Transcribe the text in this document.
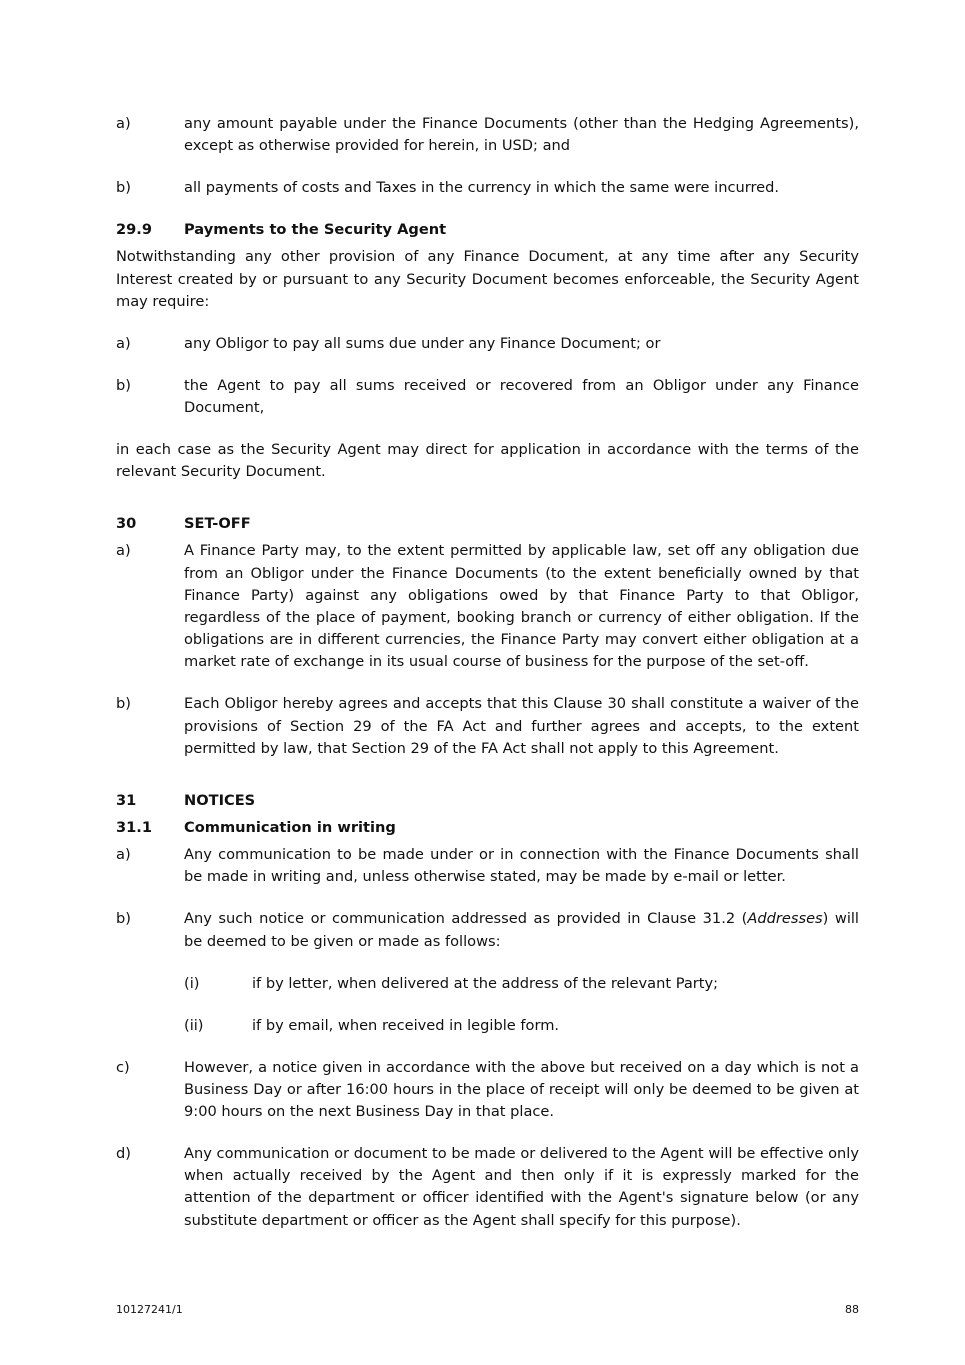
a)	any amount payable under the Finance Documents (other than the Hedging Agreements), except as otherwise provided for herein, in USD; and
b)	all payments of costs and Taxes in the currency in which the same were incurred.
29.9	Payments to the Security Agent

Notwithstanding any other provision of any Finance Document, at any time after any Security Interest created by or pursuant to any Security Document becomes enforceable, the Security Agent may require:

a)	any Obligor to pay all sums due under any Finance Document; or
b)	the Agent to pay all sums received or recovered from an Obligor under any Finance Document,

in each case as the Security Agent may direct for application in accordance with the terms of the relevant Security Document.

30	SET-OFF
a)	A Finance Party may, to the extent permitted by applicable law, set off any obligation due from an Obligor under the Finance Documents (to the extent beneficially owned by that Finance Party) against any obligations owed by that Finance Party to that Obligor, regardless of the place of payment, booking branch or currency of either obligation. If the obligations are in different currencies, the Finance Party may convert either obligation at a market rate of exchange in its usual course of business for the purpose of the set-off.
b)	Each Obligor hereby agrees and accepts that this Clause 30 shall constitute a waiver of the provisions of Section 29 of the FA Act and further agrees and accepts, to the extent permitted by law, that Section 29 of the FA Act shall not apply to this Agreement.
31	NOTICES
31.1	Communication in writing
a)	Any communication to be made under or in connection with the Finance Documents shall be made in writing and, unless otherwise stated, may be made by e-mail or letter.
b)	Any such notice or communication addressed as provided in Clause 31.2 (Addresses) will be deemed to be given or made as follows:
(i)	if by letter, when delivered at the address of the relevant Party;
(ii)	if by email, when received in legible form.
c)	However, a notice given in accordance with the above but received on a day which is not a Business Day or after 16:00 hours in the place of receipt will only be deemed to be given at 9:00 hours on the next Business Day in that place.
d)	Any communication or document to be made or delivered to the Agent will be effective only when actually received by the Agent and then only if it is expressly marked for the attention of the department or officer identified with the Agent's signature below (or any substitute department or officer as the Agent shall specify for this purpose).
10127241/1	88
